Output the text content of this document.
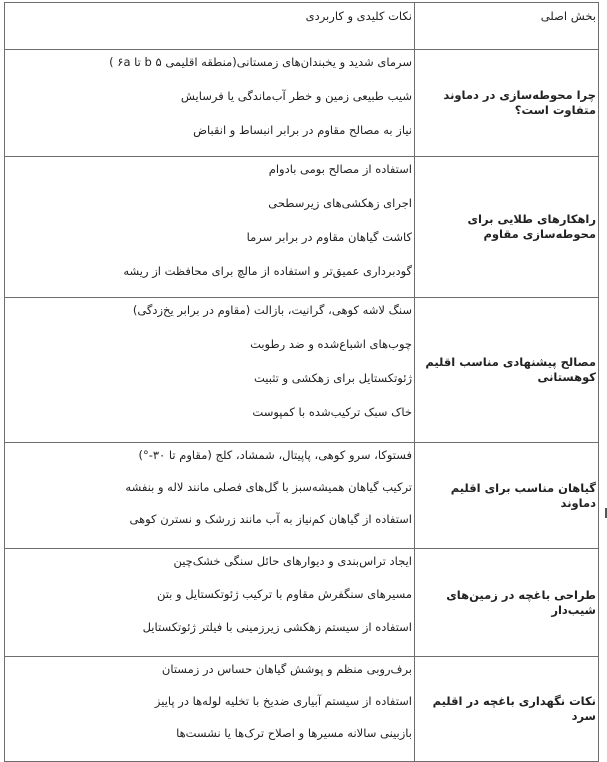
بخش اصلی	نکات کلیدی و کاربردی
چرا محوطه‌سازی در دماوند متفاوت است؟	سرمای شدید و یخبندان‌های زمستانی(منطقه اقلیمی ۵ b تا ۶a )
شیب طبیعی زمین و خطر آب‌ماندگی یا فرسایش
نیاز به مصالح مقاوم در برابر انبساط و انقباض

راهکارهای طلایی برای محوطه‌سازی مقاوم	استفاده از مصالح بومی بادوام
اجرای زهکشی‌های زیرسطحی
کاشت گیاهان مقاوم در برابر سرما
گودبرداری عمیق‌تر و استفاده از مالچ برای محافظت از ریشه

مصالح پیشنهادی مناسب اقلیم کوهستانی	سنگ لاشه کوهی، گرانیت، بازالت (مقاوم در برابر یخ‌زدگی)
چوب‌های اشباع‌شده و ضد رطوبت
ژئوتکستایل برای زهکشی و تثبیت
خاک سبک ترکیب‌شده با کمپوست

گیاهان مناسب برای اقلیم دماوند	فستوکا، سرو کوهی، پاپیتال، شمشاد، کلج (مقاوم تا ۳۰-°)
ترکیب گیاهان همیشه‌سبز با گل‌های فصلی مانند لاله و بنفشه
استفاده از گیاهان کم‌نیاز به آب مانند زرشک و نسترن کوهی

طراحی باغچه در زمین‌های شیب‌دار	ایجاد تراس‌بندی و دیوارهای حائل سنگی خشک‌چین
مسیرهای سنگفرش مقاوم با ترکیب ژئوتکستایل و بتن
استفاده از سیستم زهکشی زیرزمینی با فیلتر ژئوتکستایل

نکات نگهداری باغچه در اقلیم سرد	برف‌روبی منظم و پوشش گیاهان حساس در زمستان
استفاده از سیستم آبیاری ضدیخ با تخلیه لوله‌ها در پاییز
بازبینی سالانه مسیرها و اصلاح ترک‌ها یا نشست‌ها
